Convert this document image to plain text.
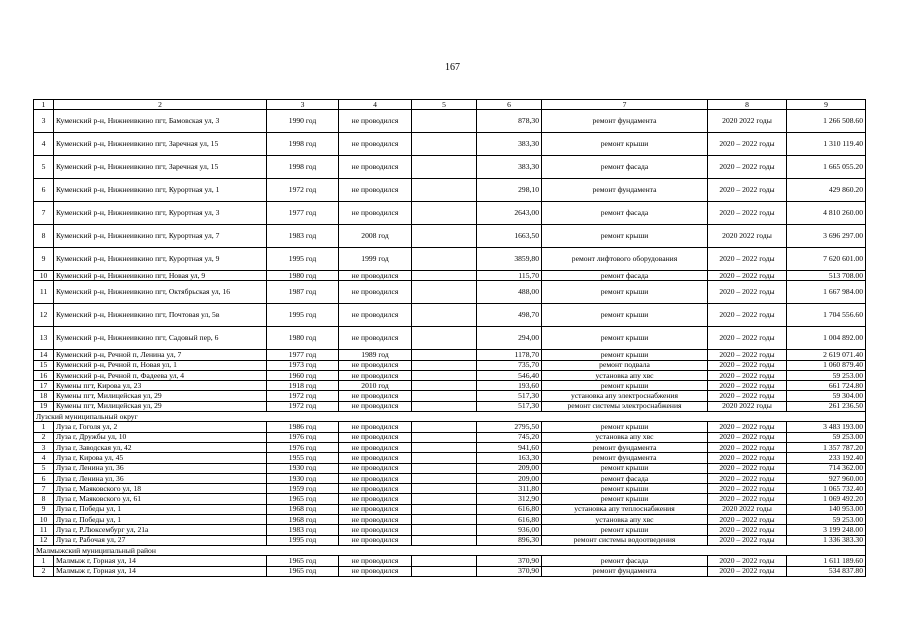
167
1	2	3	4	5	6	7	8	9
3	Куменский р-н, Нижнеивкино пгт, Бамовская ул, 3	1990 год	не проводился		878,30	ремонт фундамента	2020 2022 годы	1 266 508.60
4	Куменский р-н, Нижнеивкино пгт, Заречная ул, 15	1998 год	не проводился		383,30	ремонт крыши	2020 – 2022 годы	1 310 119.40
5	Куменский р-н, Нижнеивкино пгт, Заречная ул, 15	1998 год	не проводился		383,30	ремонт фасада	2020 – 2022 годы	1 665 055.20
6	Куменский р-н, Нижнеивкино пгт, Курортная ул, 1	1972 год	не проводился		298,10	ремонт фундамента	2020 – 2022 годы	429 860.20
7	Куменский р-н, Нижнеивкино пгт, Курортная ул, 3	1977 год	не проводился		2643,00	ремонт фасада	2020 – 2022 годы	4 810 260.00
8	Куменский р-н, Нижнеивкино пгт, Курортная ул, 7	1983 год	2008 год		1663,50	ремонт крыши	2020 2022 годы	3 696 297.00
9	Куменский р-н, Нижнеивкино пгт, Курортная ул, 9	1995 год	1999 год		3859,80	ремонт лифтового оборудования	2020 – 2022 годы	7 620 601.00
10	Куменский р-н, Нижнеивкино пгт, Новая ул, 9	1980 год	не проводился		115,70	ремонт фасада	2020 – 2022 годы	513 708.00
11	Куменский р-н, Нижнеивкино пгт, Октябрьская ул, 16	1987 год	не проводился		488,00	ремонт крыши	2020 – 2022 годы	1 667 984.00
12	Куменский р-н, Нижнеивкино пгт, Почтовая ул, 5в	1995 год	не проводился		498,70	ремонт крыши	2020 – 2022 годы	1 704 556.60
13	Куменский р-н, Нижнеивкино пгт, Садовый пер, 6	1980 год	не проводился		294,00	ремонт крыши	2020 – 2022 годы	1 004 892.00
14	Куменский р-н, Речной п, Ленина ул, 7	1977 год	1989 год		1178,70	ремонт крыши	2020 – 2022 годы	2 619 071.40
15	Куменский р-н, Речной п, Новая ул, 1	1973 год	не проводился		735,70	ремонт подвала	2020 – 2022 годы	1 060 879.40
16	Куменский р-н, Речной п, Фадеева ул, 4	1960 год	не проводился		546,40	установка апу хвс	2020 – 2022 годы	59 253.00
17	Кумены пгт, Кирова ул, 23	1918 год	2010 год		193,60	ремонт крыши	2020 – 2022 годы	661 724.80
18	Кумены пгт, Милицейская ул, 29	1972 год	не проводился		517,30	установка апу электроснабжения	2020 – 2022 годы	59 304.00
19	Кумены пгт, Милицейская ул, 29	1972 год	не проводился		517,30	ремонт системы электроснабжения	2020 2022 годы	261 236.50
Лузский муниципальный округ								
1	Луза г, Гоголя ул, 2	1986 год	не проводился		2795,50	ремонт крыши	2020 – 2022 годы	3 483 193.00
2	Луза г, Дружбы ул, 10	1976 год	не проводился		745,20	установка апу хвс	2020 – 2022 годы	59 253.00
3	Луза г, Заводская ул, 42	1976 год	не проводился		941,60	ремонт фундамента	2020 – 2022 годы	1 357 787.20
4	Луза г, Кирова ул, 45	1955 год	не проводился		163,30	ремонт фундамента	2020 – 2022 годы	233 192.40
5	Луза г, Ленина ул, 36	1930 год	не проводился		209,00	ремонт крыши	2020 – 2022 годы	714 362.00
6	Луза г, Ленина ул, 36	1930 год	не проводился		209,00	ремонт фасада	2020 – 2022 годы	927 960.00
7	Луза г, Маяковского ул, 18	1959 год	не проводился		311,80	ремонт крыши	2020 – 2022 годы	1 065 732.40
8	Луза г, Маяковского ул, 61	1965 год	не проводился		312,90	ремонт крыши	2020 – 2022 годы	1 069 492.20
9	Луза г, Победы ул, 1	1968 год	не проводился		616,80	установка апу теплоснабжения	2020 2022 годы	140 953.00
10	Луза г, Победы ул, 1	1968 год	не проводился		616,80	установка апу хвс	2020 – 2022 годы	59 253.00
11	Луза г, Р.Люксембург ул, 21а	1983 год	не проводился		936,00	ремонт крыши	2020 – 2022 годы	3 199 248.00
12	Луза г, Рабочая ул, 27	1995 год	не проводился		896,30	ремонт системы водоотведения	2020 – 2022 годы	1 336 383.30
Малмыжский муниципальный район								
1	Малмыж г, Горная ул, 14	1965 год	не проводился		370,90	ремонт фасада	2020 – 2022 годы	1 611 189.60
2	Малмыж г, Горная ул, 14	1965 год	не проводился		370,90	ремонт фундамента	2020 – 2022 годы	534 837.80
